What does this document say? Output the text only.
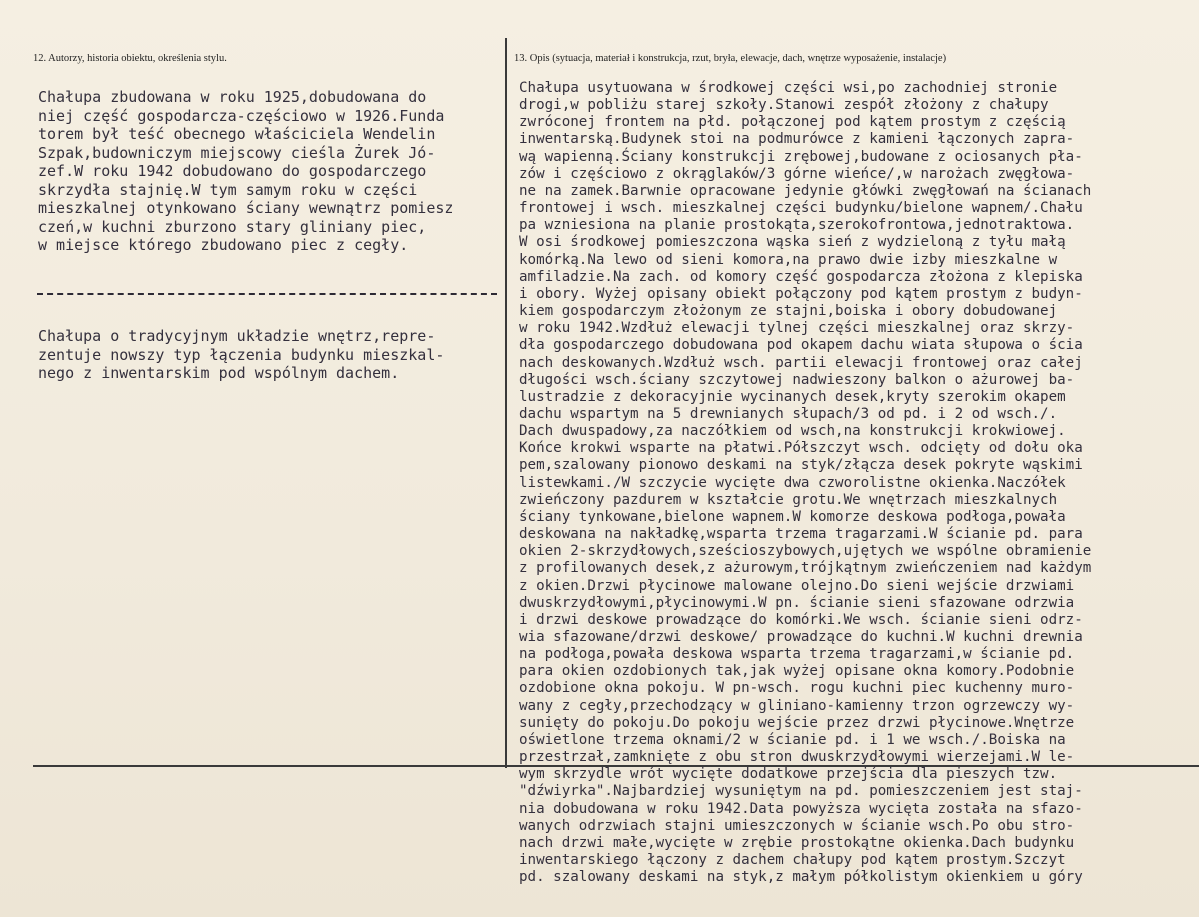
12. Autorzy, historia obiektu, określenia stylu.	13. Opis (sytuacja, materiał i konstrukcja, rzut, bryła, elewacje, dach, wnętrze wyposażenie, instalacje)
Chałupa zbudowana w roku 1925,dobudowana do
niej część gospodarcza-częściowo w 1926.Funda
torem był teść obecnego właściciela Wendelin
Szpak,budowniczym miejscowy cieśla Żurek Jó-
zef.W roku 1942 dobudowano do gospodarczego
skrzydła stajnię.W tym samym roku w części
mieszkalnej otynkowano ściany wewnątrz pomiesz
czeń,w kuchni zburzono stary gliniany piec,
w miejsce którego zbudowano piec z cegły.
Chałupa o tradycyjnym układzie wnętrz,repre-
zentuje nowszy typ łączenia budynku mieszkal-
nego z inwentarskim pod wspólnym dachem.
Chałupa usytuowana w środkowej części wsi,po zachodniej stronie
drogi,w pobliżu starej szkoły.Stanowi zespół złożony z chałupy
zwróconej frontem na płd. połączonej pod kątem prostym z częścią
inwentarską.Budynek stoi na podmurówce z kamieni łączonych zapra-
wą wapienną.Ściany konstrukcji zrębowej,budowane z ociosanych pła-
zów i częściowo z okrąglaków/3 górne wieńce/,w narożach zwęgłowa-
ne na zamek.Barwnie opracowane jedynie główki zwęgłowań na ścianach
frontowej i wsch. mieszkalnej części budynku/bielone wapnem/.Chału
pa wzniesiona na planie prostokąta,szerokofrontowa,jednotraktowa.
W osi środkowej pomieszczona wąska sień z wydzieloną z tyłu małą
komórką.Na lewo od sieni komora,na prawo dwie izby mieszkalne w
amfiladzie.Na zach. od komory część gospodarcza złożona z klepiska
i obory. Wyżej opisany obiekt połączony pod kątem prostym z budyn-
kiem gospodarczym złożonym ze stajni,boiska i obory dobudowanej
w roku 1942.Wzdłuż elewacji tylnej części mieszkalnej oraz skrzy-
dła gospodarczego dobudowana pod okapem dachu wiata słupowa o ścia
nach deskowanych.Wzdłuż wsch. partii elewacji frontowej oraz całej
długości wsch.ściany szczytowej nadwieszony balkon o ażurowej ba-
lustradzie z dekoracyjnie wycinanych desek,kryty szerokim okapem
dachu wspartym na 5 drewnianych słupach/3 od pd. i 2 od wsch./.
Dach dwuspadowy,za naczółkiem od wsch,na konstrukcji krokwiowej.
Końce krokwi wsparte na płatwi.Półszczyt wsch. odcięty od dołu oka
pem,szalowany pionowo deskami na styk/złącza desek pokryte wąskimi
listewkami./W szczycie wycięte dwa czworolistne okienka.Naczółek
zwieńczony pazdurem w kształcie grotu.We wnętrzach mieszkalnych
ściany tynkowane,bielone wapnem.W komorze deskowa podłoga,powała
deskowana na nakładkę,wsparta trzema tragarzami.W ścianie pd. para
okien 2-skrzydłowych,sześcioszybowych,ujętych we wspólne obramienie
z profilowanych desek,z ażurowym,trójkątnym zwieńczeniem nad każdym
z okien.Drzwi płycinowe malowane olejno.Do sieni wejście drzwiami
dwuskrzydłowymi,płycinowymi.W pn. ścianie sieni sfazowane odrzwia
i drzwi deskowe prowadzące do komórki.We wsch. ścianie sieni odrz-
wia sfazowane/drzwi deskowe/ prowadzące do kuchni.W kuchni drewnia
na podłoga,powała deskowa wsparta trzema tragarzami,w ścianie pd.
para okien ozdobionych tak,jak wyżej opisane okna komory.Podobnie
ozdobione okna pokoju. W pn-wsch. rogu kuchni piec kuchenny muro-
wany z cegły,przechodzący w gliniano-kamienny trzon ogrzewczy wy-
sunięty do pokoju.Do pokoju wejście przez drzwi płycinowe.Wnętrze
oświetlone trzema oknami/2 w ścianie pd. i 1 we wsch./.Boiska na
przestrzał,zamknięte z obu stron dwuskrzydłowymi wierzejami.W le-
wym skrzydle wrót wycięte dodatkowe przejścia dla pieszych tzw.
"dźwiyrka".Najbardziej wysuniętym na pd. pomieszczeniem jest staj-
nia dobudowana w roku 1942.Data powyższa wycięta została na sfazo-
wanych odrzwiach stajni umieszczonych w ścianie wsch.Po obu stro-
nach drzwi małe,wycięte w zrębie prostokątne okienka.Dach budynku
inwentarskiego łączony z dachem chałupy pod kątem prostym.Szczyt
pd. szalowany deskami na styk,z małym półkolistym okienkiem u góry
